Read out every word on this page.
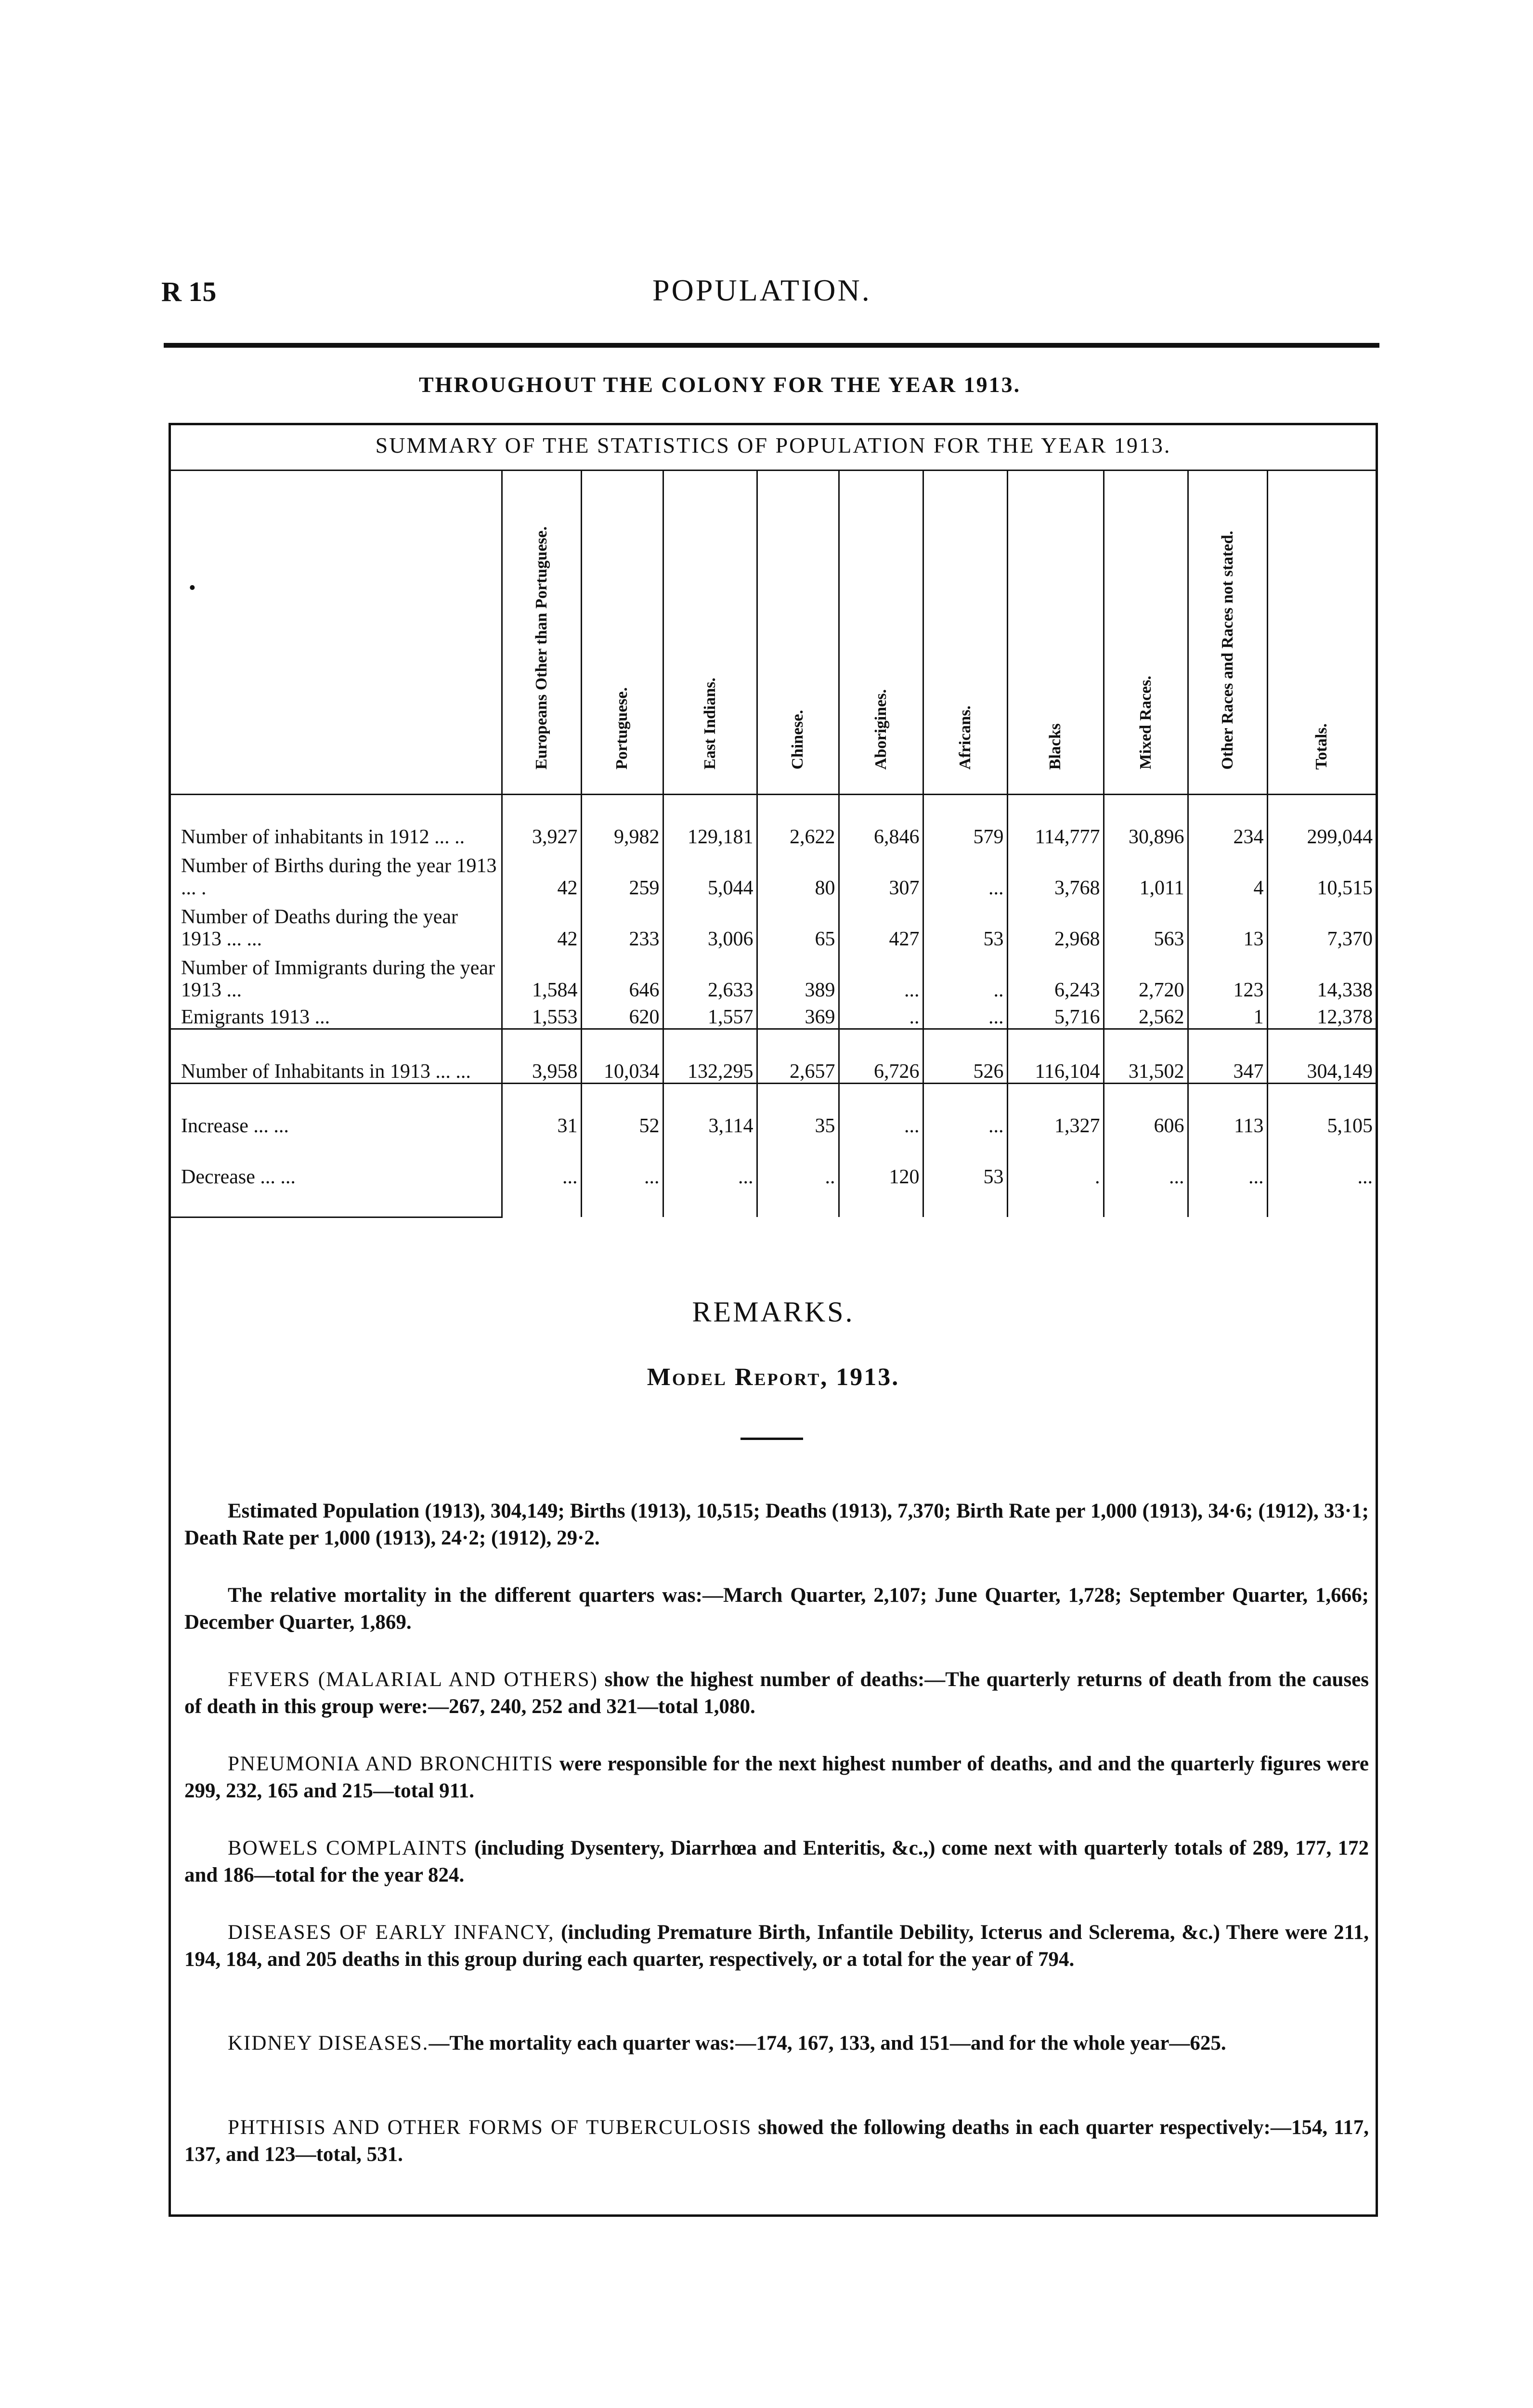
R 15	POPULATION.
THROUGHOUT THE COLONY FOR THE YEAR 1913.
SUMMARY OF THE STATISTICS OF POPULATION FOR THE YEAR 1913.
•	Europeans Other than Portuguese.	Portuguese.	East Indians.	Chinese.	Aborigines.	Africans.	Blacks	Mixed Races.	Other Races and Races not stated.	Totals.
Number of inhabitants in 1912 ... ..	3,927	9,982	129,181	2,622	6,846	579	114,777	30,896	234	299,044
Number of Births during the year 1913 ... .	42	259	5,044	80	307	...	3,768	1,011	4	10,515
Number of Deaths during the year 1913 ... ...	42	233	3,006	65	427	53	2,968	563	13	7,370
Number of Immigrants during the year 1913 ...	1,584	646	2,633	389	...	..	6,243	2,720	123	14,338
Emigrants 1913 ...	1,553	620	1,557	369	..	...	5,716	2,562	1	12,378
Number of Inhabitants in 1913 ... ...	3,958	10,034	132,295	2,657	6,726	526	116,104	31,502	347	304,149
Increase ... ...	31	52	3,114	35	...	...	1,327	606	113	5,105
Decrease ... ...	...	...	...	..	120	53	.	...	...	...

REMARKS.
Model Report, 1913.
Estimated Population (1913), 304,149; Births (1913), 10,515; Deaths (1913), 7,370; Birth Rate per 1,000 (1913), 34·6; (1912), 33·1; Death Rate per 1,000 (1913), 24·2; (1912), 29·2.
The relative mortality in the different quarters was:—March Quarter, 2,107; June Quarter, 1,728; September Quarter, 1,666; December Quarter, 1,869.
FEVERS (MALARIAL AND OTHERS) show the highest number of deaths:—The quarterly returns of death from the causes of death in this group were:—267, 240, 252 and 321—total 1,080.
PNEUMONIA AND BRONCHITIS were responsible for the next highest number of deaths, and and the quarterly figures were 299, 232, 165 and 215—total 911.
BOWELS COMPLAINTS (including Dysentery, Diarrhœa and Enteritis, &c.,) come next with quarterly totals of 289, 177, 172 and 186—total for the year 824.
DISEASES OF EARLY INFANCY, (including Premature Birth, Infantile Debility, Icterus and Sclerema, &c.) There were 211, 194, 184, and 205 deaths in this group during each quarter, respectively, or a total for the year of 794.
KIDNEY DISEASES.—The mortality each quarter was:—174, 167, 133, and 151—and for the whole year—625.
PHTHISIS AND OTHER FORMS OF TUBERCULOSIS showed the following deaths in each quarter respectively:—154, 117, 137, and 123—total, 531.
